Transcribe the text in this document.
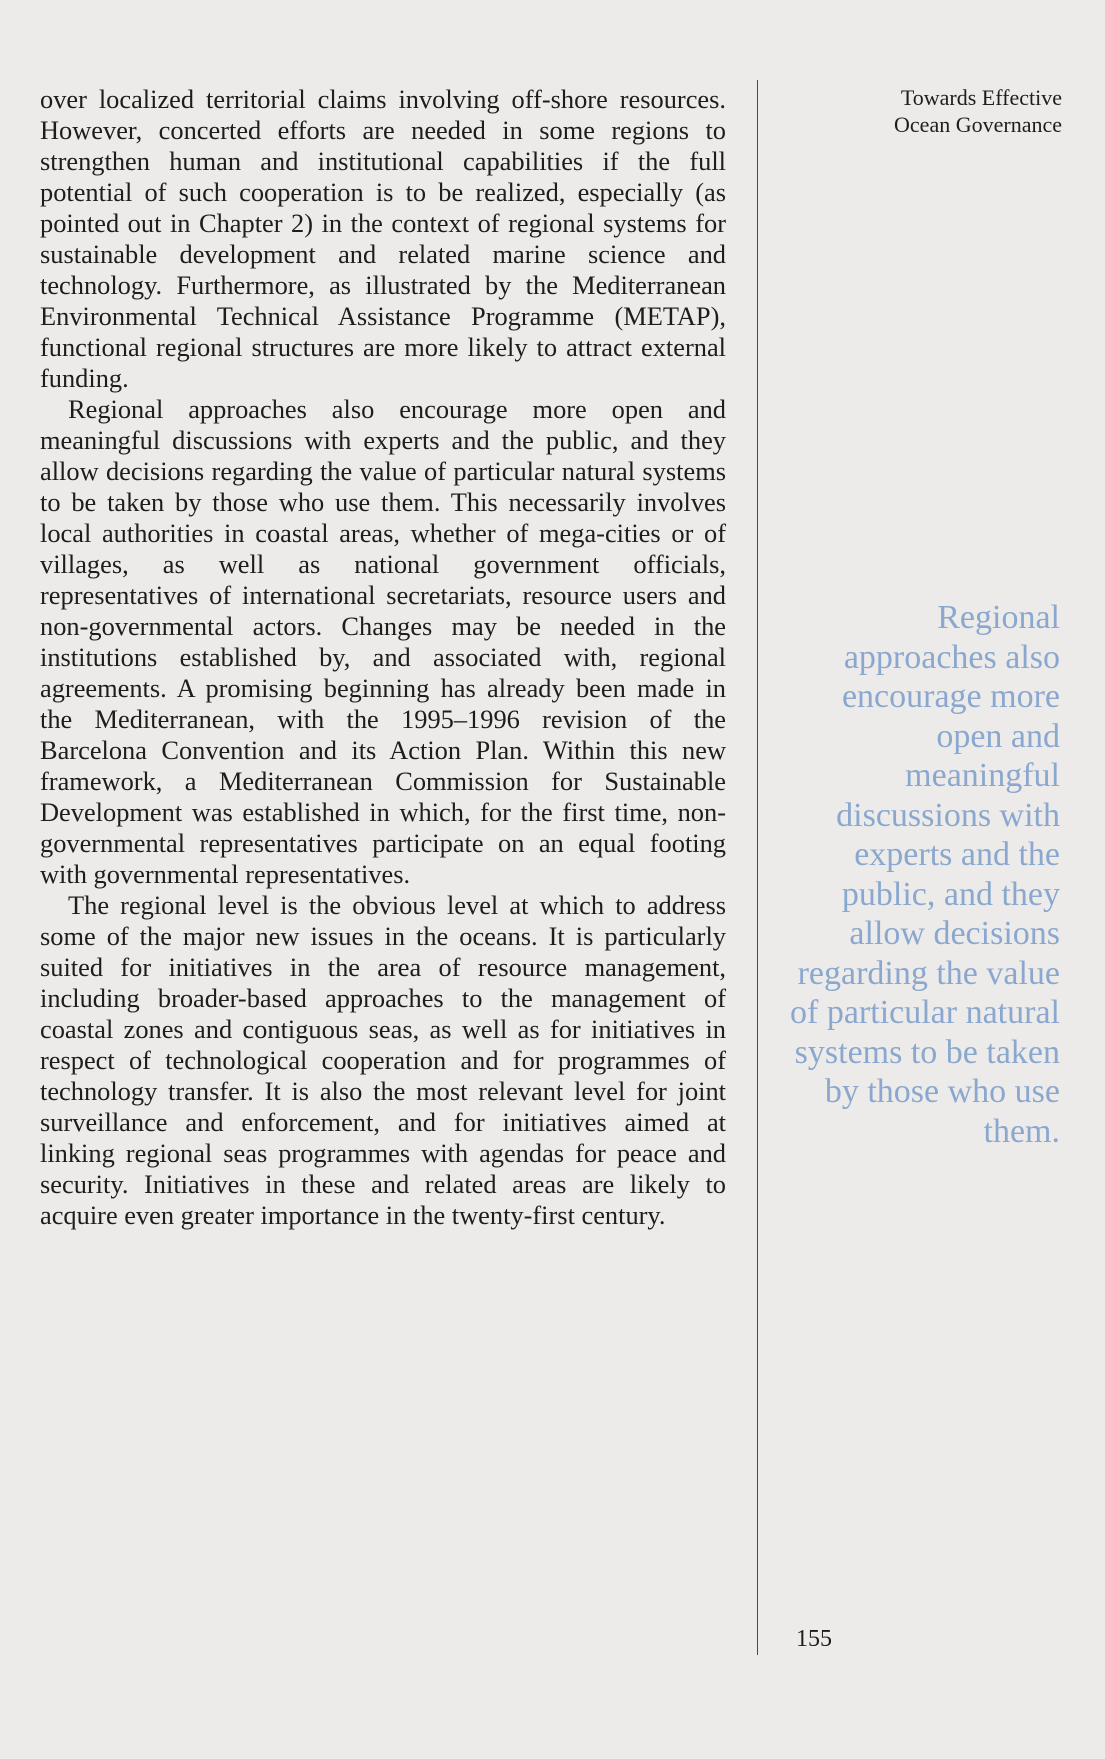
over localized territorial claims involving off-shore resources. However, concerted efforts are needed in some regions to strengthen human and institutional capabilities if the full potential of such cooperation is to be realized, especially (as pointed out in Chapter 2) in the context of regional systems for sustainable development and related marine science and technology. Furthermore, as illustrated by the Mediterranean Environmental Technical Assistance Programme (METAP), functional regional structures are more likely to attract external funding.

Regional approaches also encourage more open and meaningful discussions with experts and the public, and they allow decisions regarding the value of particular natural systems to be taken by those who use them. This necessarily involves local authorities in coastal areas, whether of mega-cities or of villages, as well as national government officials, representatives of international secretariats, resource users and non-governmental actors. Changes may be needed in the institutions established by, and associated with, regional agreements. A promising beginning has already been made in the Mediterranean, with the 1995–1996 revision of the Barcelona Convention and its Action Plan. Within this new framework, a Mediterranean Commission for Sustainable Development was established in which, for the first time, non-governmental representatives participate on an equal footing with governmental representatives.

The regional level is the obvious level at which to address some of the major new issues in the oceans. It is particularly suited for initiatives in the area of resource management, including broader-based approaches to the management of coastal zones and contiguous seas, as well as for initiatives in respect of technological cooperation and for programmes of technology transfer. It is also the most relevant level for joint surveillance and enforcement, and for initiatives aimed at linking regional seas programmes with agendas for peace and security. Initiatives in these and related areas are likely to acquire even greater importance in the twenty-first century.

Towards Effective
Ocean Governance
Regional approaches also encourage more open and meaningful discussions with experts and the public, and they allow decisions regarding the value of particular natural systems to be taken by those who use them.
155
